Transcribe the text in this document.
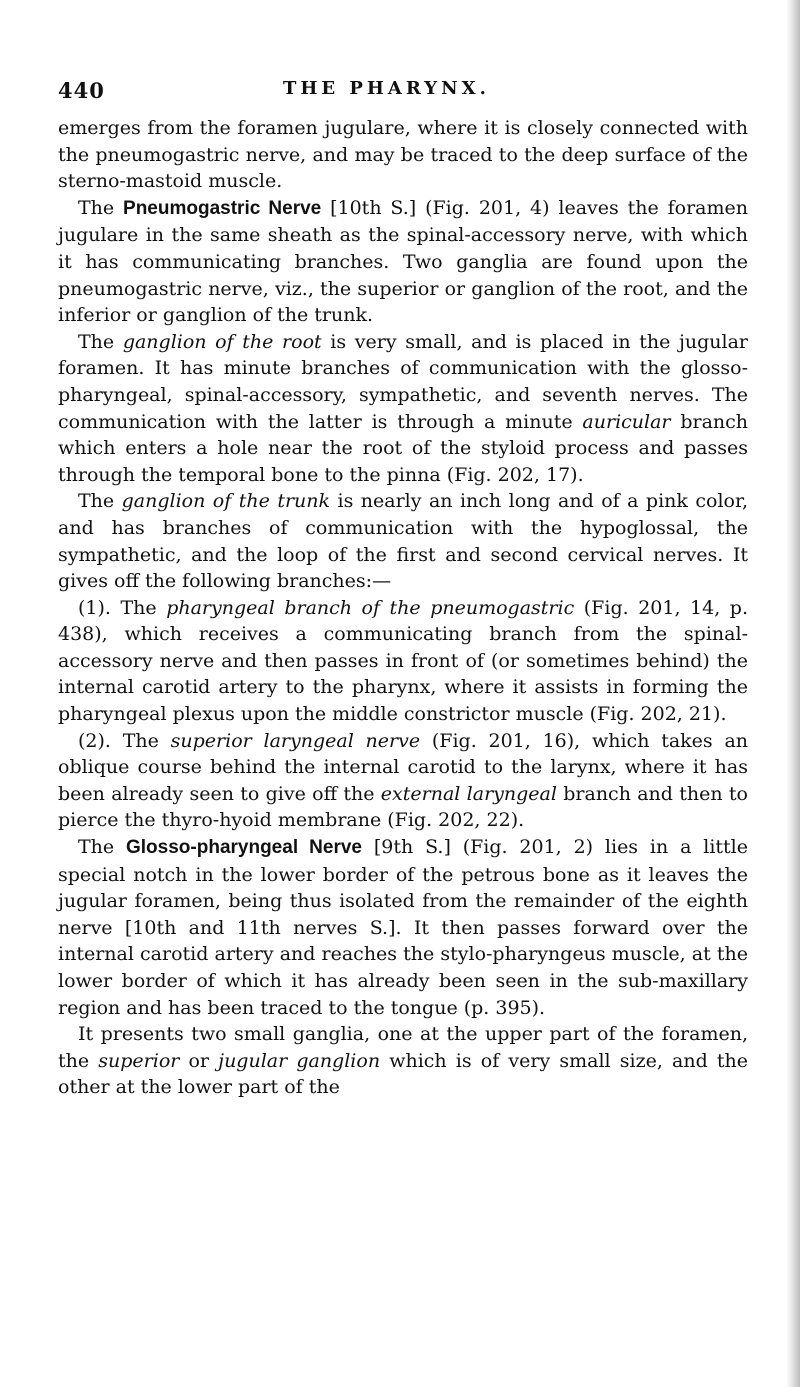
440	THE PHARYNX.

emerges from the foramen jugulare, where it is closely connected with the pneumogastric nerve, and may be traced to the deep surface of the sterno-mastoid muscle.

The Pneumogastric Nerve [10th S.] (Fig. 201, 4) leaves the foramen jugulare in the same sheath as the spinal-accessory nerve, with which it has communicating branches. Two ganglia are found upon the pneumogastric nerve, viz., the superior or ganglion of the root, and the inferior or ganglion of the trunk.

The ganglion of the root is very small, and is placed in the jugular foramen. It has minute branches of communication with the glosso-pharyngeal, spinal-accessory, sympathetic, and seventh nerves. The communication with the latter is through a minute auricular branch which enters a hole near the root of the styloid process and passes through the temporal bone to the pinna (Fig. 202, 17).

The ganglion of the trunk is nearly an inch long and of a pink color, and has branches of communication with the hypoglossal, the sympathetic, and the loop of the first and second cervical nerves. It gives off the following branches:—

(1). The pharyngeal branch of the pneumogastric (Fig. 201, 14, p. 438), which receives a communicating branch from the spinal-accessory nerve and then passes in front of (or sometimes behind) the internal carotid artery to the pharynx, where it assists in forming the pharyngeal plexus upon the middle constrictor muscle (Fig. 202, 21).

(2). The superior laryngeal nerve (Fig. 201, 16), which takes an oblique course behind the internal carotid to the larynx, where it has been already seen to give off the external laryngeal branch and then to pierce the thyro-hyoid membrane (Fig. 202, 22).

The Glosso-pharyngeal Nerve [9th S.] (Fig. 201, 2) lies in a little special notch in the lower border of the petrous bone as it leaves the jugular foramen, being thus isolated from the remainder of the eighth nerve [10th and 11th nerves S.]. It then passes forward over the internal carotid artery and reaches the stylo-pharyngeus muscle, at the lower border of which it has already been seen in the sub-maxillary region and has been traced to the tongue (p. 395).

It presents two small ganglia, one at the upper part of the foramen, the superior or jugular ganglion which is of very small size, and the other at the lower part of the
